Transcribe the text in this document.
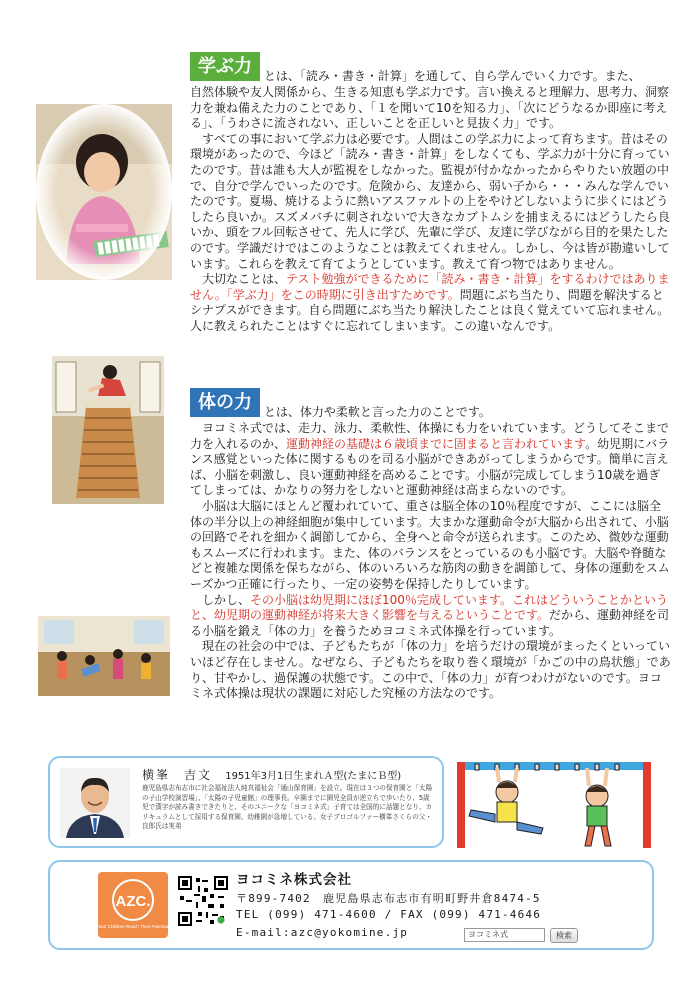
学ぶ力 とは、「読み・書き・計算」を通して、自ら学んでいく力です。また、

自然体験や友人関係から、生きる知恵も学ぶ力です。言い換えると理解力、思考力、洞察力を兼ね備えた力のことであり、「１を聞いて10を知る力」、「次にどうなるか即座に考える」、「うわさに流されない、正しいことを正しいと見抜く力」です。

すべての事において学ぶ力は必要です。人間はこの学ぶ力によって育ちます。昔はその環境があったので、今ほど「読み・書き・計算」をしなくても、学ぶ力が十分に育っていたのです。昔は誰も大人が監視をしなかった。監視が付かなかったからやりたい放題の中で、自分で学んでいったのです。危険から、友達から、弱い子から・・・みんな学んでいたのです。夏場、焼けるように熱いアスファルトの上をやけどしないように歩くにはどうしたら良いか。スズメバチに刺されないで大きなカブトムシを捕まえるにはどうしたら良いか、頭をフル回転させて、先人に学び、先輩に学び、友達に学びながら目的を果たしたのです。学識だけではこのようなことは教えてくれません。しかし、今は皆が勘違いしています。これらを教えて育てようとしています。教えて育つ物ではありません。

大切なことは、テスト勉強ができるために「読み・書き・計算」をするわけではありません。「学ぶ力」をこの時期に引き出すためです。問題にぶち当たり、問題を解決するとシナプスができます。自ら問題にぶち当たり解決したことは良く覚えていて忘れません。人に教えられたことはすぐに忘れてしまいます。この違いなんです。

体の力 とは、体力や柔軟と言った力のことです。

ヨコミネ式では、走力、泳力、柔軟性、体操にも力をいれています。どうしてそこまで力を入れるのか、運動神経の基礎は６歳頃までに固まると言われています。幼児期にバランス感覚といった体に関するものを司る小脳ができあがってしまうからです。簡単に言えば、小脳を刺激し、良い運動神経を高めることです。小脳が完成してしまう10歳を過ぎてしまっては、かなりの努力をしないと運動神経は高まらないのです。

小脳は大脳にほとんど覆われていて、重さは脳全体の10％程度ですが、ここには脳全体の半分以上の神経細胞が集中しています。大まかな運動命令が大脳から出されて、小脳の回路でそれを細かく調節してから、全身へと命令が送られます。このため、微妙な運動もスムーズに行われます。また、体のバランスをとっているのも小脳です。大脳や脊髄などと複雑な関係を保ちながら、体のいろいろな筋肉の動きを調節して、身体の運動をスムーズかつ正確に行ったり、一定の姿勢を保持したりしています。

しかし、その小脳は幼児期にほぼ100％完成しています。これはどういうことかというと、幼児期の運動神経が将来大きく影響を与えるということです。だから、運動神経を司る小脳を鍛え「体の力」を養うためヨコミネ式体操を行っています。

現在の社会の中では、子どもたちが「体の力」を培うだけの環境がまったくといっていいほど存在しません。なぜなら、子どもたちを取り巻く環境が「かごの中の鳥状態」であり、甘やかし、過保護の状態です。この中で、「体の力」が育つわけがないのです。ヨコミネ式体操は現状の課題に対応した究極の方法なのです。

横峯　吉文 1951年3月1日生まれＡ型(たまにＢ型)
鹿児島県志布志市に社会福祉法人純真福祉会「通山保育園」を設立。現在は３つの保育園と「太陽の子山学校演習場」、「太陽の子児童館」の理事長。卒園までに園児全員が逆立ちで歩いたり、5歳児で漢字が読み書きできたりと、そのユニークな「ヨコミネ式」子育ては全国的に話題となり、カリキュラムとして採用する保育園、幼稚園が急増している。女子プロゴルファー横峯さくらの父・良郎氏は実弟
AZC.
AtoZ Children Reach Their Potential
ヨコミネ株式会社
〒899-7402　鹿児島県志布志市有明町野井倉8474-5
TEL (099) 471-4600 / FAX (099) 471-4646
E-mail:azc@yokomine.jp	ヨコミネ式	検索
